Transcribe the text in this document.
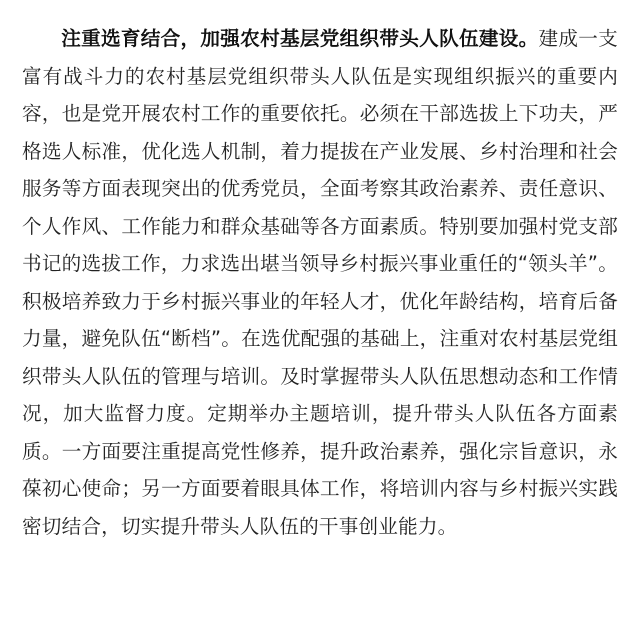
注重选育结合，加强农村基层党组织带头人队伍建设。建成一支富有战斗力的农村基层党组织带头人队伍是实现组织振兴的重要内容，也是党开展农村工作的重要依托。必须在干部选拔上下功夫，严格选人标准，优化选人机制，着力提拔在产业发展、乡村治理和社会服务等方面表现突出的优秀党员，全面考察其政治素养、责任意识、个人作风、工作能力和群众基础等各方面素质。特别要加强村党支部书记的选拔工作，力求选出堪当领导乡村振兴事业重任的“领头羊”。积极培养致力于乡村振兴事业的年轻人才，优化年龄结构，培育后备力量，避免队伍“断档”。在选优配强的基础上，注重对农村基层党组织带头人队伍的管理与培训。及时掌握带头人队伍思想动态和工作情况，加大监督力度。定期举办主题培训，提升带头人队伍各方面素质。一方面要注重提高党性修养，提升政治素养，强化宗旨意识，永葆初心使命；另一方面要着眼具体工作，将培训内容与乡村振兴实践密切结合，切实提升带头人队伍的干事创业能力。
